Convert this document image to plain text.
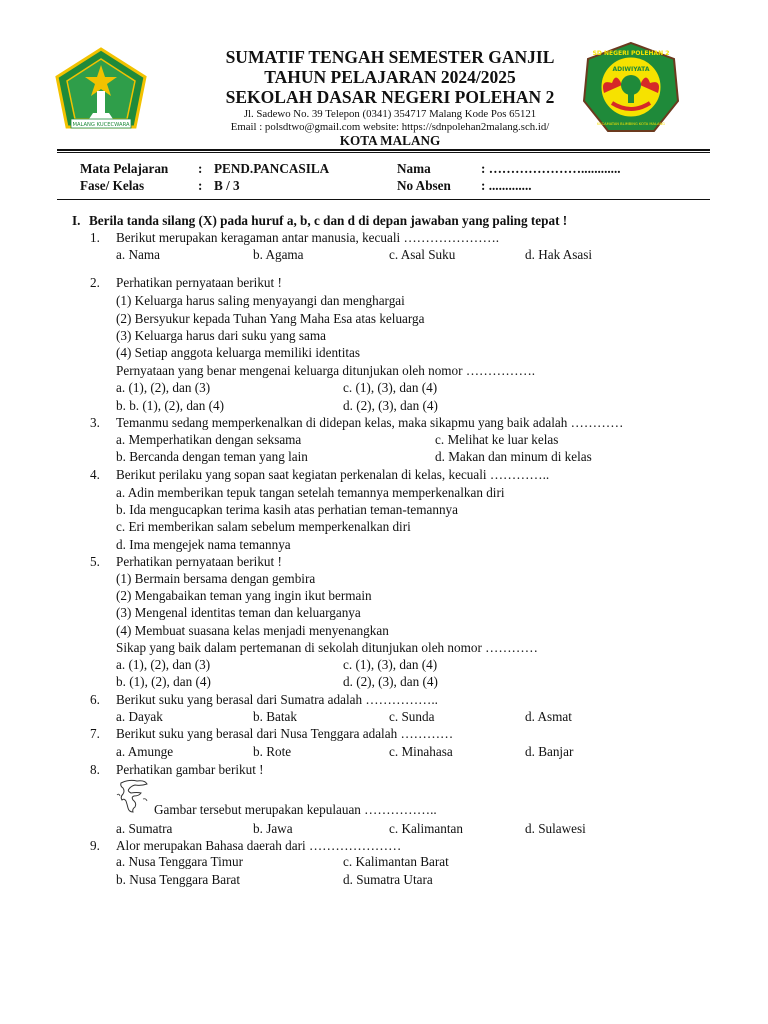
MALANG KUCECWARA
SD NEGERI POLEHAN 2
ADIWIYATA
KECAMATAN BLIMBING KOTA MALANG
SUMATIF TENGAH SEMESTER GANJIL
TAHUN PELAJARAN 2024/2025
SEKOLAH DASAR NEGERI POLEHAN 2
Jl. Sadewo No. 39 Telepon (0341) 354717 Malang Kode Pos 65121
Email : polsdtwo@gmail.com website: https://sdnpolehan2malang.sch.id/
KOTA MALANG
Mata Pelajaran : PEND.PANCASILA
Fase/ Kelas	: B / 3
Nama	: …………………............
No Absen : .............
I. Berila tanda silang (X) pada huruf a, b, c dan d di depan jawaban yang paling tepat !
1. Berikut merupakan keragaman antar manusia, kecuali ………………….
a. Nama	b. Agama	c. Asal Suku	d. Hak Asasi
2. Perhatikan pernyataan berikut !
(1) Keluarga harus saling menyayangi dan menghargai
(2) Bersyukur kepada Tuhan Yang Maha Esa atas keluarga
(3) Keluarga harus dari suku yang sama
(4) Setiap anggota keluarga memiliki identitas
Pernyataan yang benar mengenai keluarga ditunjukan oleh nomor …………….
a. (1), (2), dan (3)	c. (1), (3), dan (4)
b. b. (1), (2), dan (4)	d. (2), (3), dan (4)
3. Temanmu sedang memperkenalkan di didepan kelas, maka sikapmu yang baik adalah …………
a. Memperhatikan dengan seksama	c. Melihat ke luar kelas
b. Bercanda dengan teman yang lain	d. Makan dan minum di kelas
4. Berikut perilaku yang sopan saat kegiatan perkenalan di kelas, kecuali …………..
a. Adin memberikan tepuk tangan setelah temannya memperkenalkan diri
b. Ida mengucapkan terima kasih atas perhatian teman-temannya
c. Eri memberikan salam sebelum memperkenalkan diri
d. Ima mengejek nama temannya
5. Perhatikan pernyataan berikut !
(1) Bermain bersama dengan gembira
(2) Mengabaikan teman yang ingin ikut bermain
(3) Mengenal identitas teman dan keluarganya
(4) Membuat suasana kelas menjadi menyenangkan
Sikap yang baik dalam pertemanan di sekolah ditunjukan oleh nomor …………
a. (1), (2), dan (3)	c. (1), (3), dan (4)
b. (1), (2), dan (4)	d. (2), (3), dan (4)
6. Berikut suku yang berasal dari Sumatra adalah ……………..
a. Dayak	b. Batak	c. Sunda	d. Asmat
7. Berikut suku yang berasal dari Nusa Tenggara adalah …………
a. Amunge	b. Rote	c. Minahasa	d. Banjar
8. Perhatikan gambar berikut !
Gambar tersebut merupakan kepulauan ……………..
a. Sumatra	b. Jawa	c. Kalimantan	d. Sulawesi
9. Alor merupakan Bahasa daerah dari …………………
a. Nusa Tenggara Timur	c. Kalimantan Barat
b. Nusa Tenggara Barat	d. Sumatra Utara
